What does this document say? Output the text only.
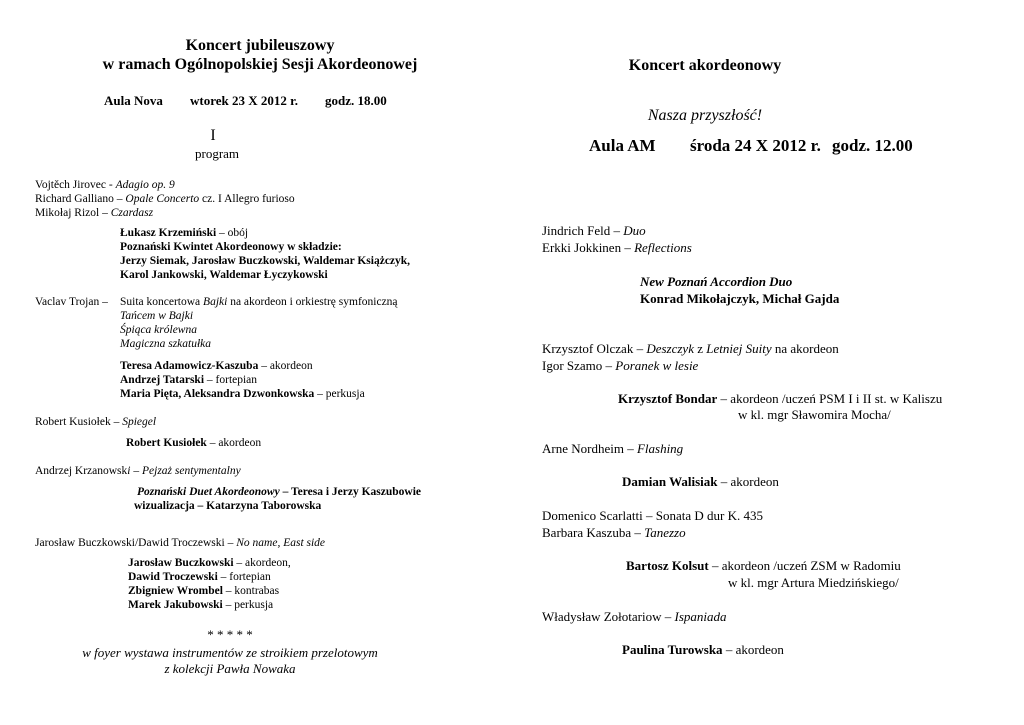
Koncert jubileuszowy
w ramach Ogólnopolskiej Sesji Akordeonowej
Aula Nova wtorek 23 X 2012 r. godz. 18.00
I
program
Vojtěch Jirovec - Adagio op. 9
Richard Galliano – Opale Concerto cz. I Allegro furioso
Mikołaj Rizol – Czardasz
Łukasz Krzemiński – obój
Poznański Kwintet Akordeonowy w składzie:
Jerzy Siemak, Jarosław Buczkowski, Waldemar Książczyk,
Karol Jankowski, Waldemar Łyczykowski
Vaclav Trojan – Suita koncertowa Bajki na akordeon i orkiestrę symfoniczną
Tańcem w Bajki
Śpiąca królewna
Magiczna szkatułka
Teresa Adamowicz-Kaszuba – akordeon
Andrzej Tatarski – fortepian
Maria Pięta, Aleksandra Dzwonkowska – perkusja
Robert Kusiołek – Spiegel
Robert Kusiołek – akordeon
Andrzej Krzanowski – Pejzaż sentymentalny
Poznański Duet Akordeonowy – Teresa i Jerzy Kaszubowie
wizualizacja – Katarzyna Taborowska
Jarosław Buczkowski/Dawid Troczewski – No name, East side
Jarosław Buczkowski – akordeon,
Dawid Troczewski – fortepian
Zbigniew Wrombel – kontrabas
Marek Jakubowski – perkusja
* * * * *
w foyer wystawa instrumentów ze stroikiem przelotowym
z kolekcji Pawła Nowaka
Koncert akordeonowy
Nasza przyszłość!
Aula AM środa 24 X 2012 r. godz. 12.00
Jindrich Feld – Duo
Erkki Jokkinen – Reflections
New Poznań Accordion Duo
Konrad Mikołajczyk, Michał Gajda
Krzysztof Olczak – Deszczyk z Letniej Suity na akordeon
Igor Szamo – Poranek w lesie
Krzysztof Bondar – akordeon /uczeń PSM I i II st. w Kaliszu
w kl. mgr Sławomira Mocha/
Arne Nordheim – Flashing
Damian Walisiak – akordeon
Domenico Scarlatti – Sonata D dur K. 435
Barbara Kaszuba – Tanezzo
Bartosz Kolsut – akordeon /uczeń ZSM w Radomiu
w kl. mgr Artura Miedzińskiego/
Władysław Zołotariow – Ispaniada
Paulina Turowska – akordeon
